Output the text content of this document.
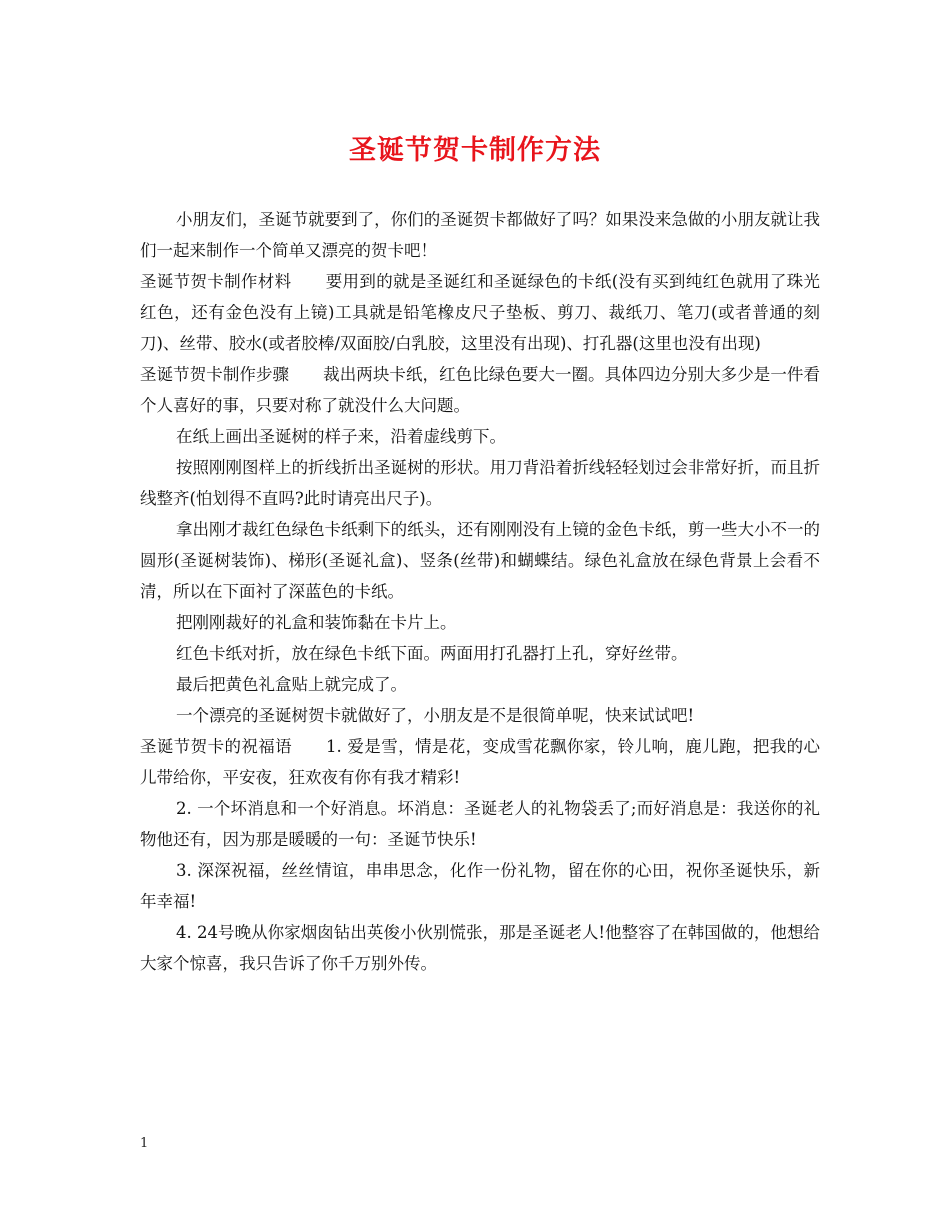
圣诞节贺卡制作方法

小朋友们，圣诞节就要到了，你们的圣诞贺卡都做好了吗？如果没来急做的小朋友就让我们一起来制作一个简单又漂亮的贺卡吧！

圣诞节贺卡制作材料 要用到的就是圣诞红和圣诞绿色的卡纸(没有买到纯红色就用了珠光红色，还有金色没有上镜)工具就是铅笔橡皮尺子垫板、剪刀、裁纸刀、笔刀(或者普通的刻刀)、丝带、胶水(或者胶棒/双面胶/白乳胶，这里没有出现)、打孔器(这里也没有出现)

圣诞节贺卡制作步骤 裁出两块卡纸，红色比绿色要大一圈。具体四边分别大多少是一件看个人喜好的事，只要对称了就没什么大问题。

在纸上画出圣诞树的样子来，沿着虚线剪下。

按照刚刚图样上的折线折出圣诞树的形状。用刀背沿着折线轻轻划过会非常好折，而且折线整齐(怕划得不直吗?此时请亮出尺子)。

拿出刚才裁红色绿色卡纸剩下的纸头，还有刚刚没有上镜的金色卡纸，剪一些大小不一的圆形(圣诞树装饰)、梯形(圣诞礼盒)、竖条(丝带)和蝴蝶结。绿色礼盒放在绿色背景上会看不清，所以在下面衬了深蓝色的卡纸。

把刚刚裁好的礼盒和装饰黏在卡片上。

红色卡纸对折，放在绿色卡纸下面。两面用打孔器打上孔，穿好丝带。

最后把黄色礼盒贴上就完成了。

一个漂亮的圣诞树贺卡就做好了，小朋友是不是很简单呢，快来试试吧!

圣诞节贺卡的祝福语 1. 爱是雪，情是花，变成雪花飘你家，铃儿响，鹿儿跑，把我的心儿带给你，平安夜，狂欢夜有你有我才精彩!

2. 一个坏消息和一个好消息。坏消息：圣诞老人的礼物袋丢了;而好消息是：我送你的礼物他还有，因为那是暖暖的一句：圣诞节快乐!

3. 深深祝福，丝丝情谊，串串思念，化作一份礼物，留在你的心田，祝你圣诞快乐，新年幸福!

4. 24号晚从你家烟囱钻出英俊小伙别慌张，那是圣诞老人!他整容了在韩国做的，他想给大家个惊喜，我只告诉了你千万别外传。

1
